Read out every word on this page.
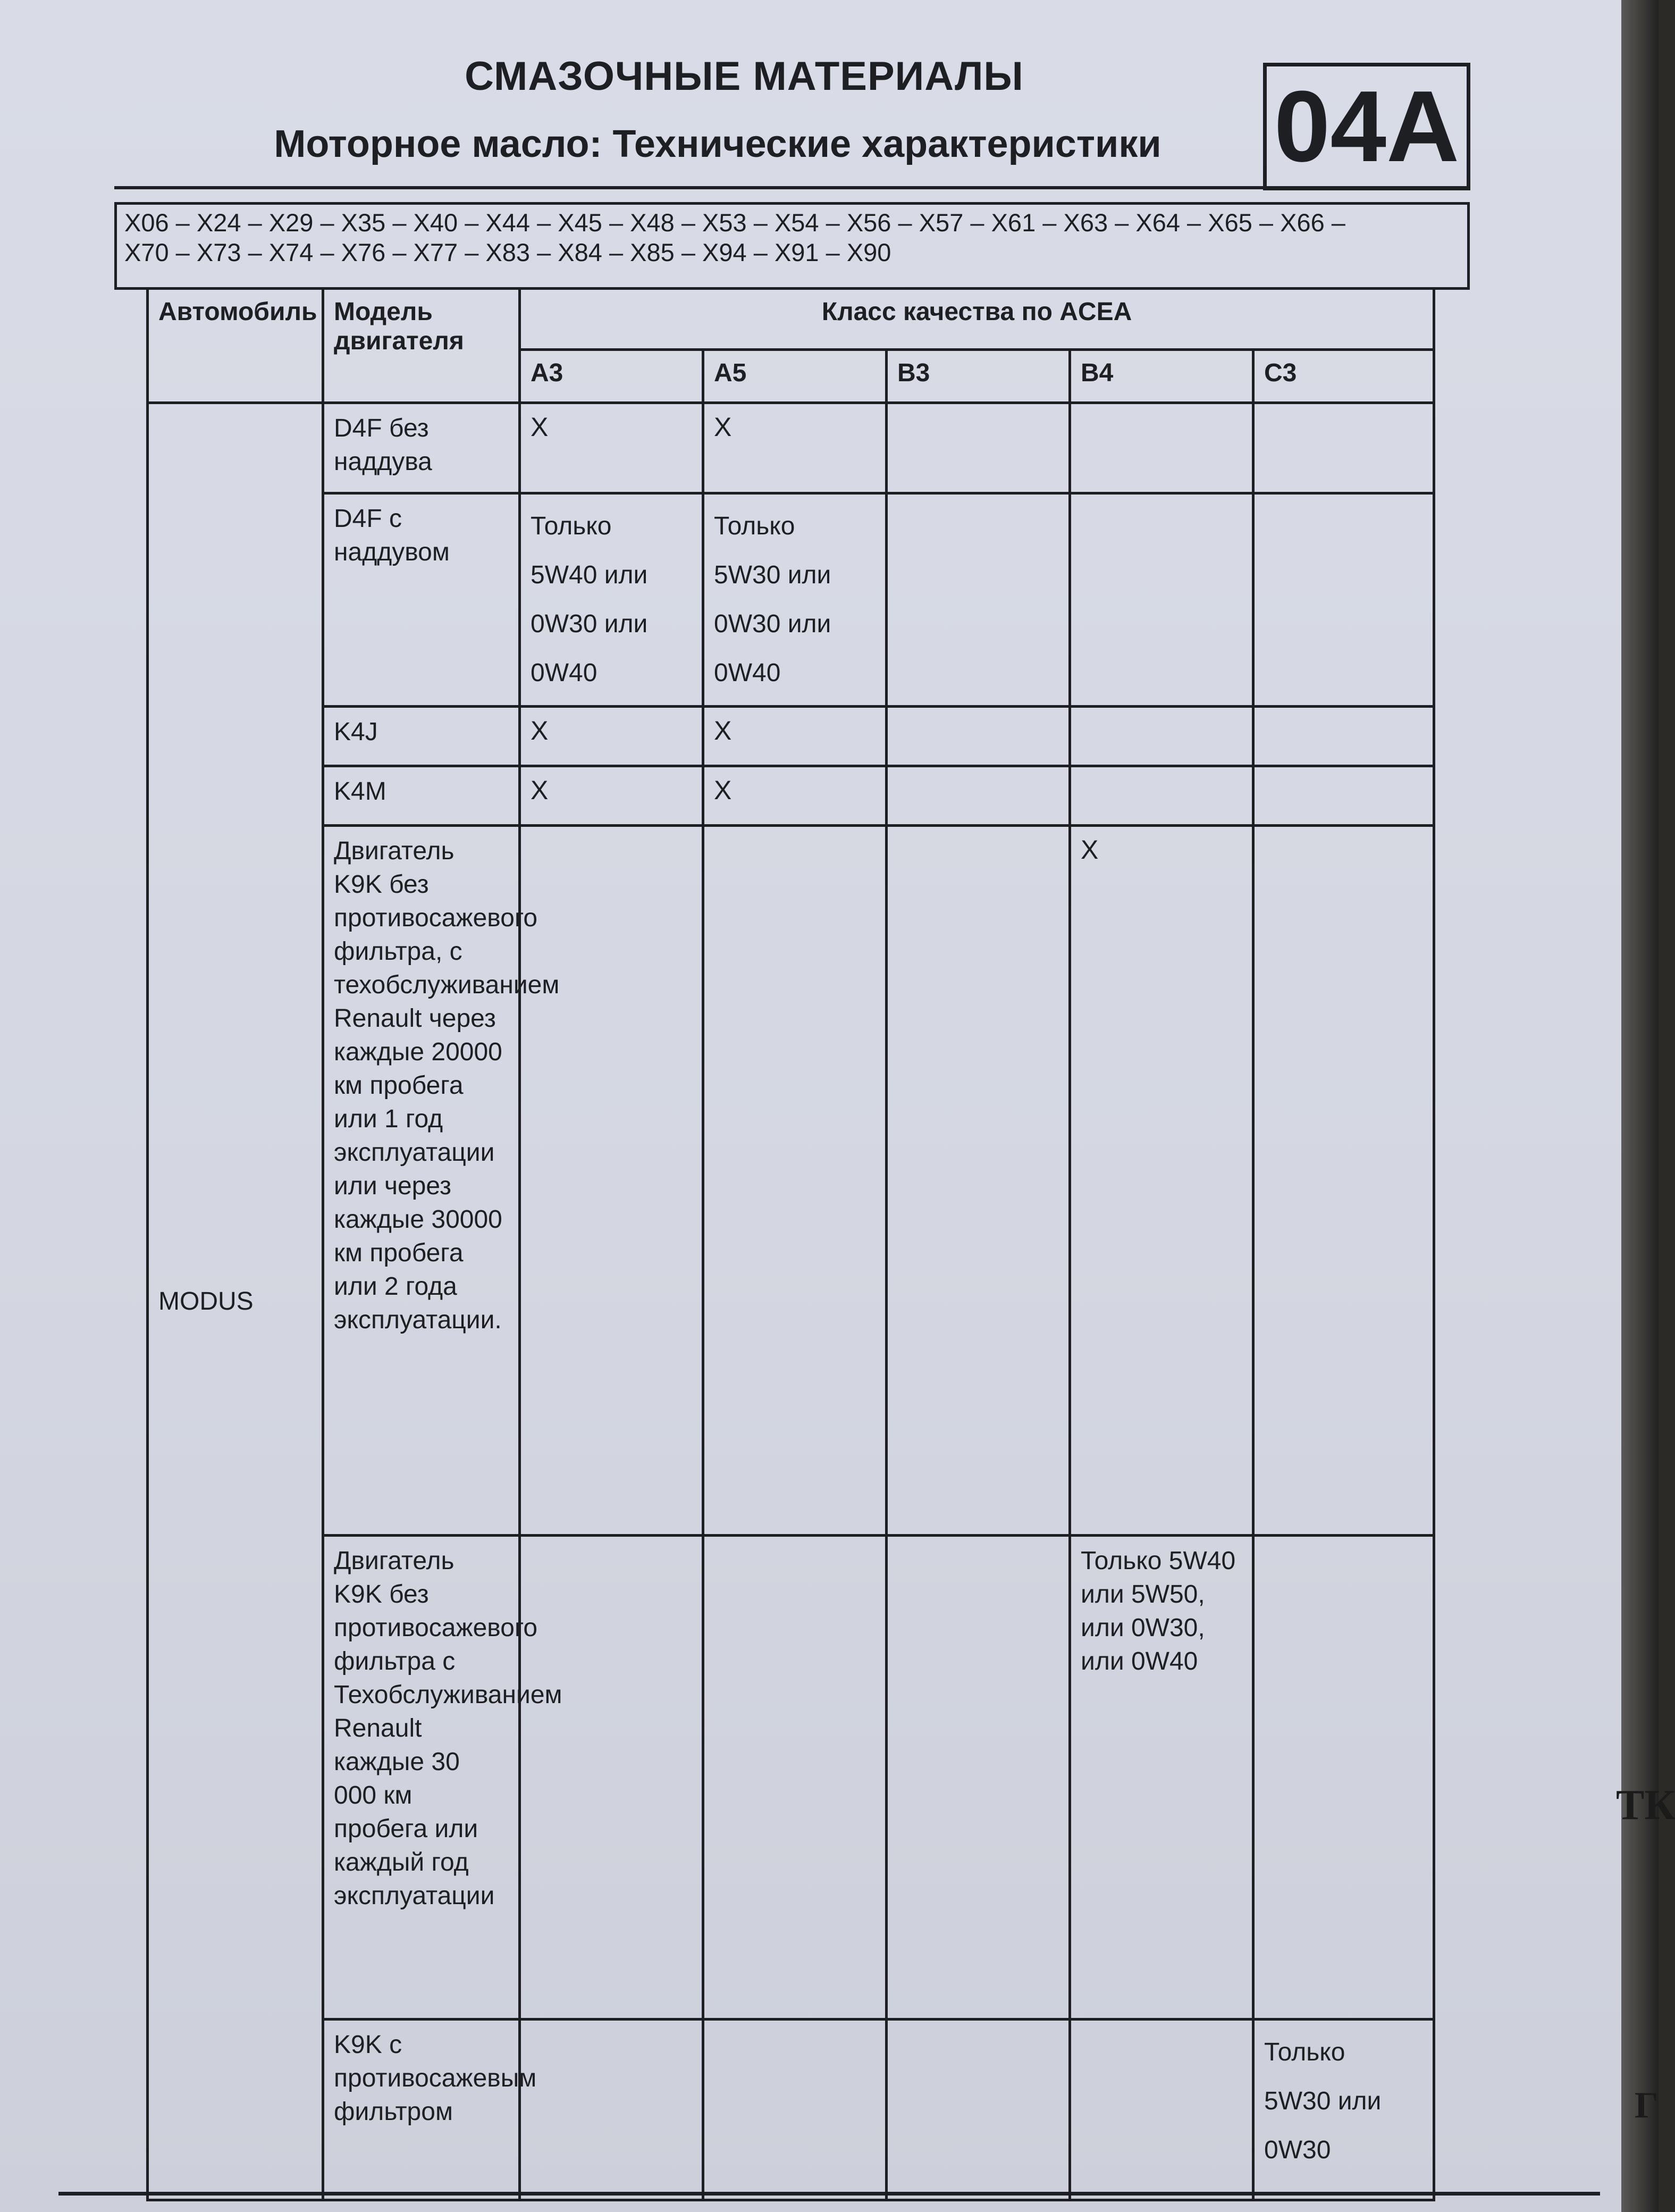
СМАЗОЧНЫЕ МАТЕРИАЛЫ
Моторное масло: Технические характеристики	04A
X06 – X24 – X29 – X35 – X40 – X44 – X45 – X48 – X53 – X54 – X56 – X57 – X61 – X63 – X64 – X65 – X66 –
X70 – X73 – X74 – X76 – X77 – X83 – X84 – X85 – X94 – X91 – X90
Автомобиль	Модель двигателя	Класс качества по ACEA				
		A3	A5	B3	B4	C3
MODUS	D4F без наддува	X	X			
	D4F с наддувом	Только
5W40 или
0W30 или
0W40	Только
5W30 или
0W30 или
0W40			
	K4J	X	X			
	K4M	X	X			
	Двигатель K9K без противосажевого фильтра, с техобслуживанием Renault через каждые 20000 км пробега или 1 год эксплуатации или через каждые 30000 км пробега или 2 года эксплуатации.				X	
	Двигатель K9K без противосажевого фильтра с Техобслуживанием Renault каждые 30 000 км пробега или каждый год эксплуатации				Только 5W40 или 5W50, или 0W30, или 0W40	
	K9K с противосажевым фильтром					Только
5W30 или
0W30
ТК
Г
